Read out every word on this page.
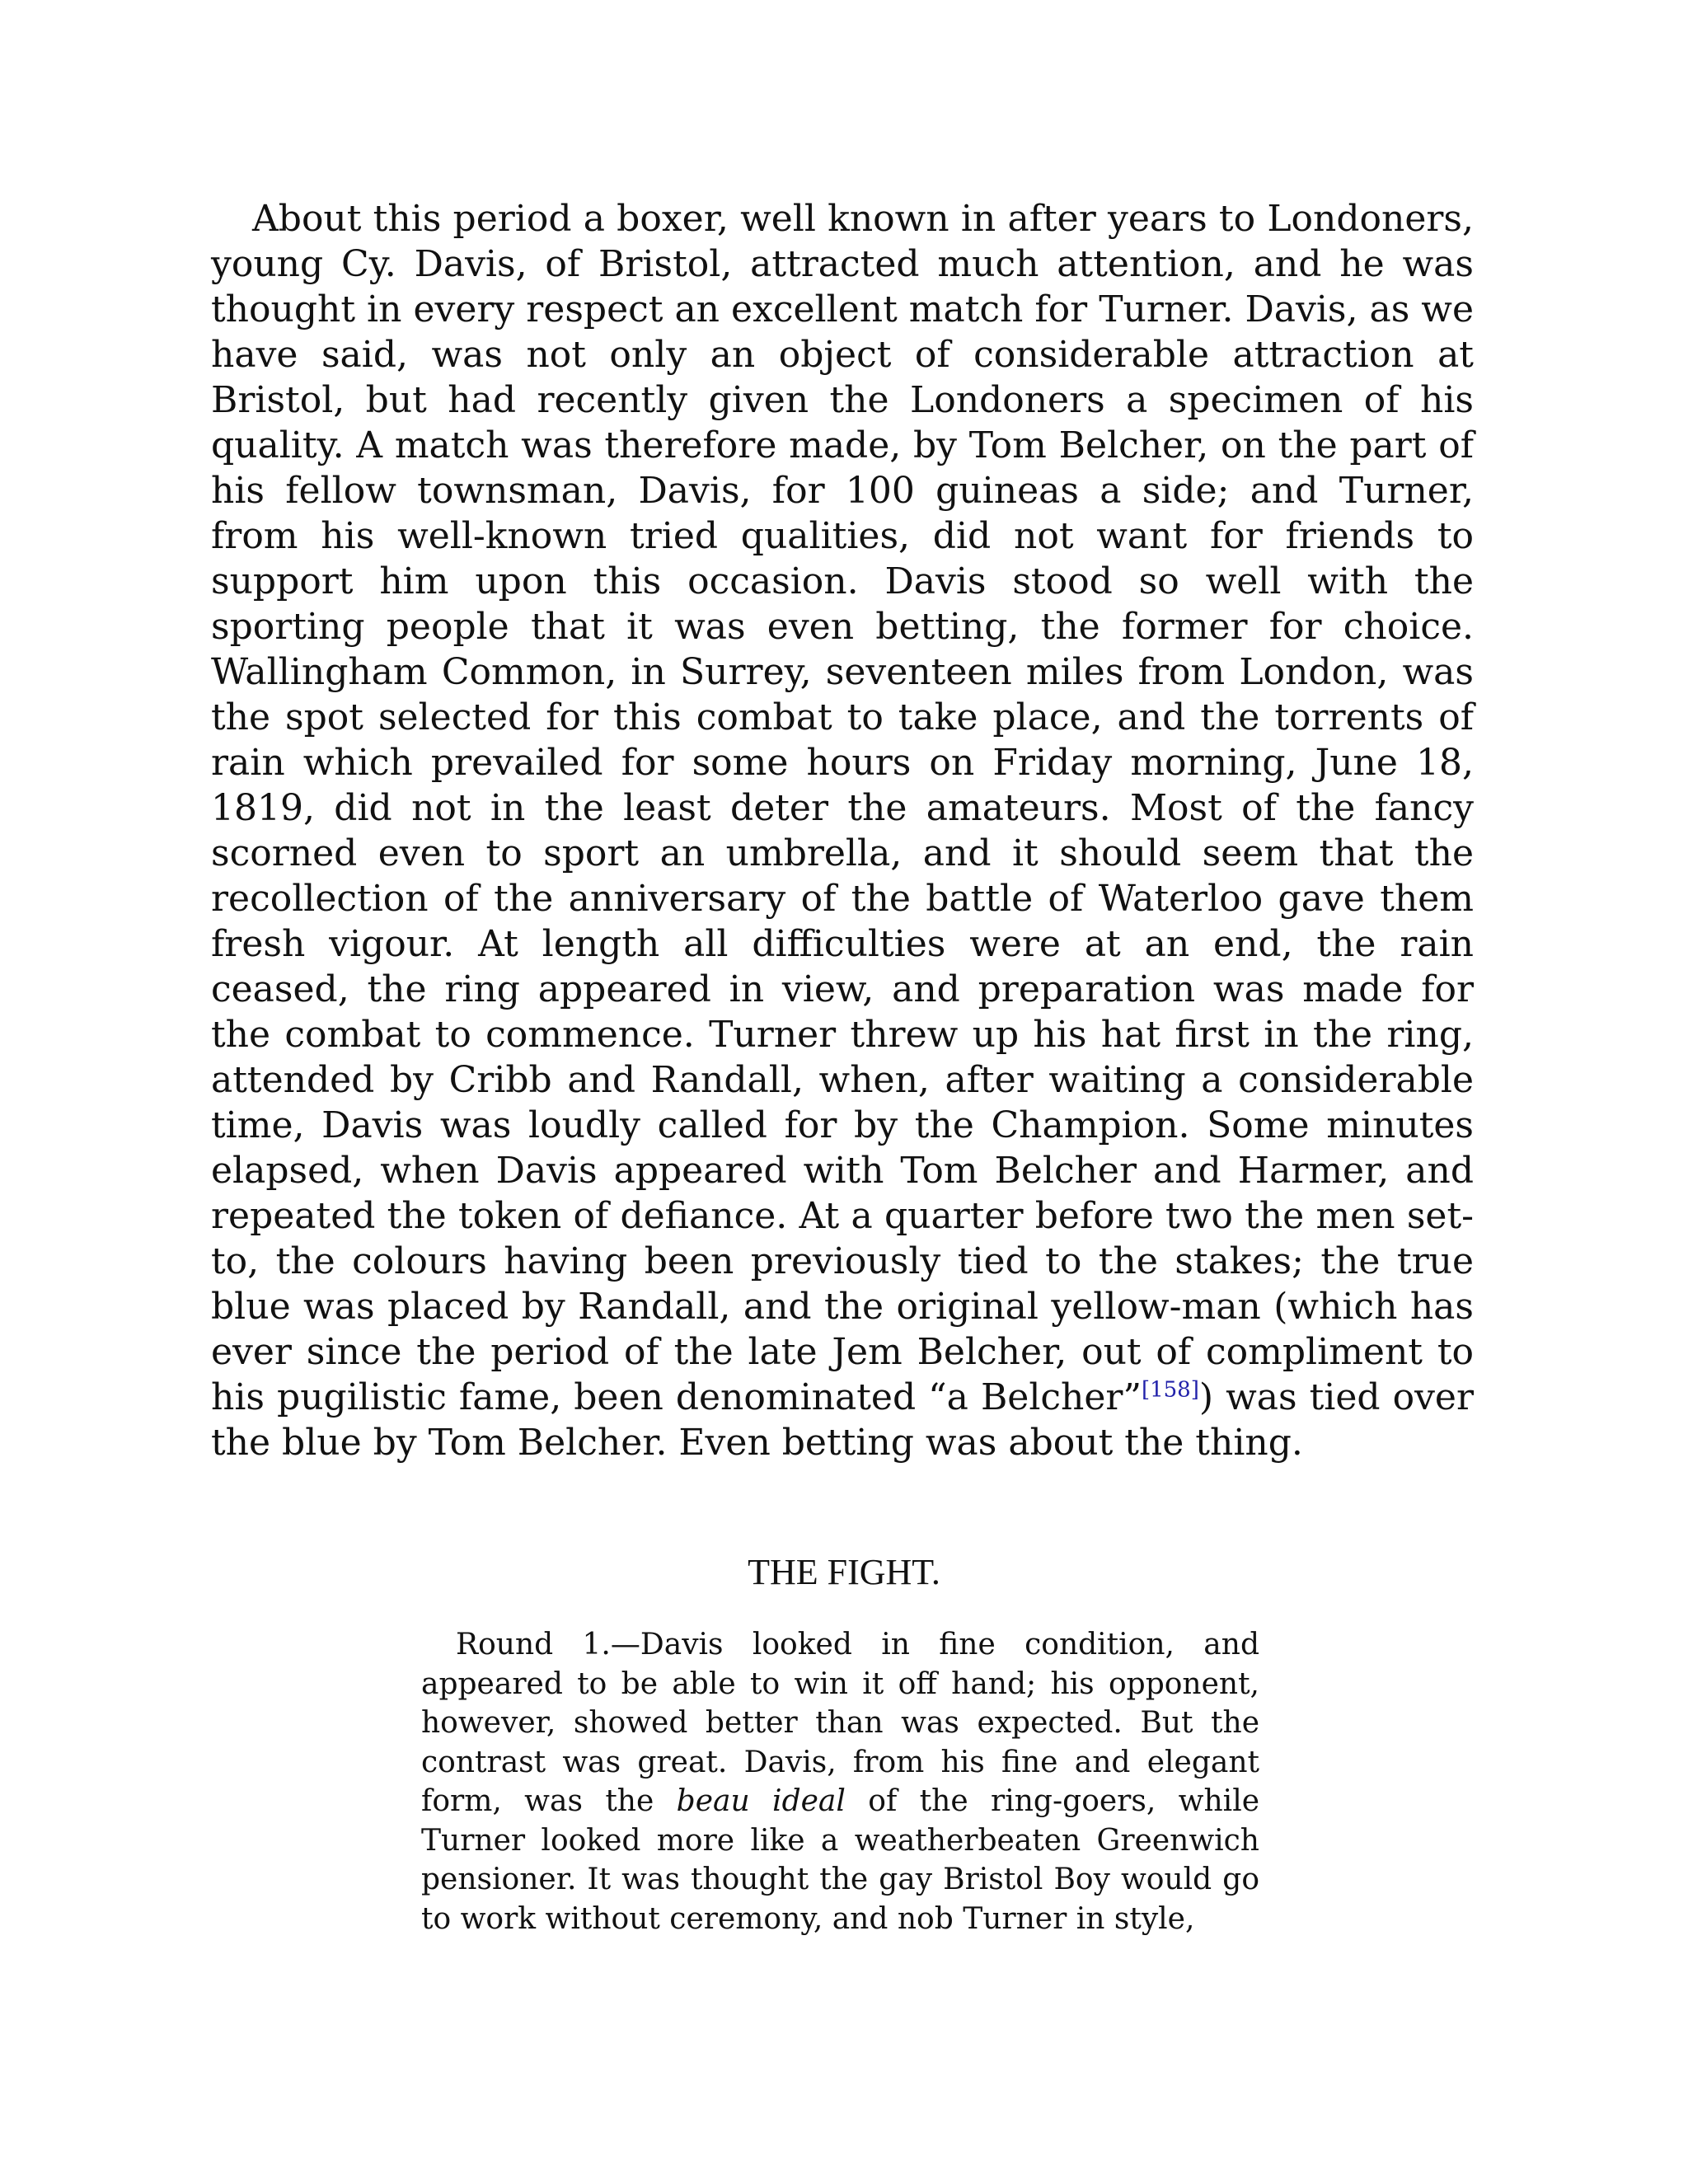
About this period a boxer, well known in after years to Londoners, young Cy. Davis, of Bristol, attracted much attention, and he was thought in every respect an excellent match for Turner. Davis, as we have said, was not only an object of considerable attraction at Bristol, but had recently given the Londoners a specimen of his quality. A match was therefore made, by Tom Belcher, on the part of his fellow townsman, Davis, for 100 guineas a side; and Turner, from his well-known tried qualities, did not want for friends to support him upon this occasion. Davis stood so well with the sporting people that it was even betting, the former for choice. Wallingham Common, in Surrey, seventeen miles from London, was the spot selected for this combat to take place, and the torrents of rain which prevailed for some hours on Friday morning, June 18, 1819, did not in the least deter the amateurs. Most of the fancy scorned even to sport an umbrella, and it should seem that the recollection of the anniversary of the battle of Waterloo gave them fresh vigour. At length all difficulties were at an end, the rain ceased, the ring appeared in view, and preparation was made for the combat to commence. Turner threw up his hat first in the ring, attended by Cribb and Randall, when, after waiting a considerable time, Davis was loudly called for by the Champion. Some minutes elapsed, when Davis appeared with Tom Belcher and Harmer, and repeated the token of defiance. At a quarter before two the men set-to, the colours having been previously tied to the stakes; the true blue was placed by Randall, and the original yellow-man (which has ever since the period of the late Jem Belcher, out of compliment to his pugilistic fame, been denominated “a Belcher”[158]) was tied over the blue by Tom Belcher. Even betting was about the thing.

THE FIGHT.

Round 1.—Davis looked in fine condition, and appeared to be able to win it off hand; his opponent, however, showed better than was expected. But the contrast was great. Davis, from his fine and elegant form, was the beau ideal of the ring-goers, while Turner looked more like a weatherbeaten Greenwich pensioner. It was thought the gay Bristol Boy would go to work without ceremony, and nob Turner in style,
